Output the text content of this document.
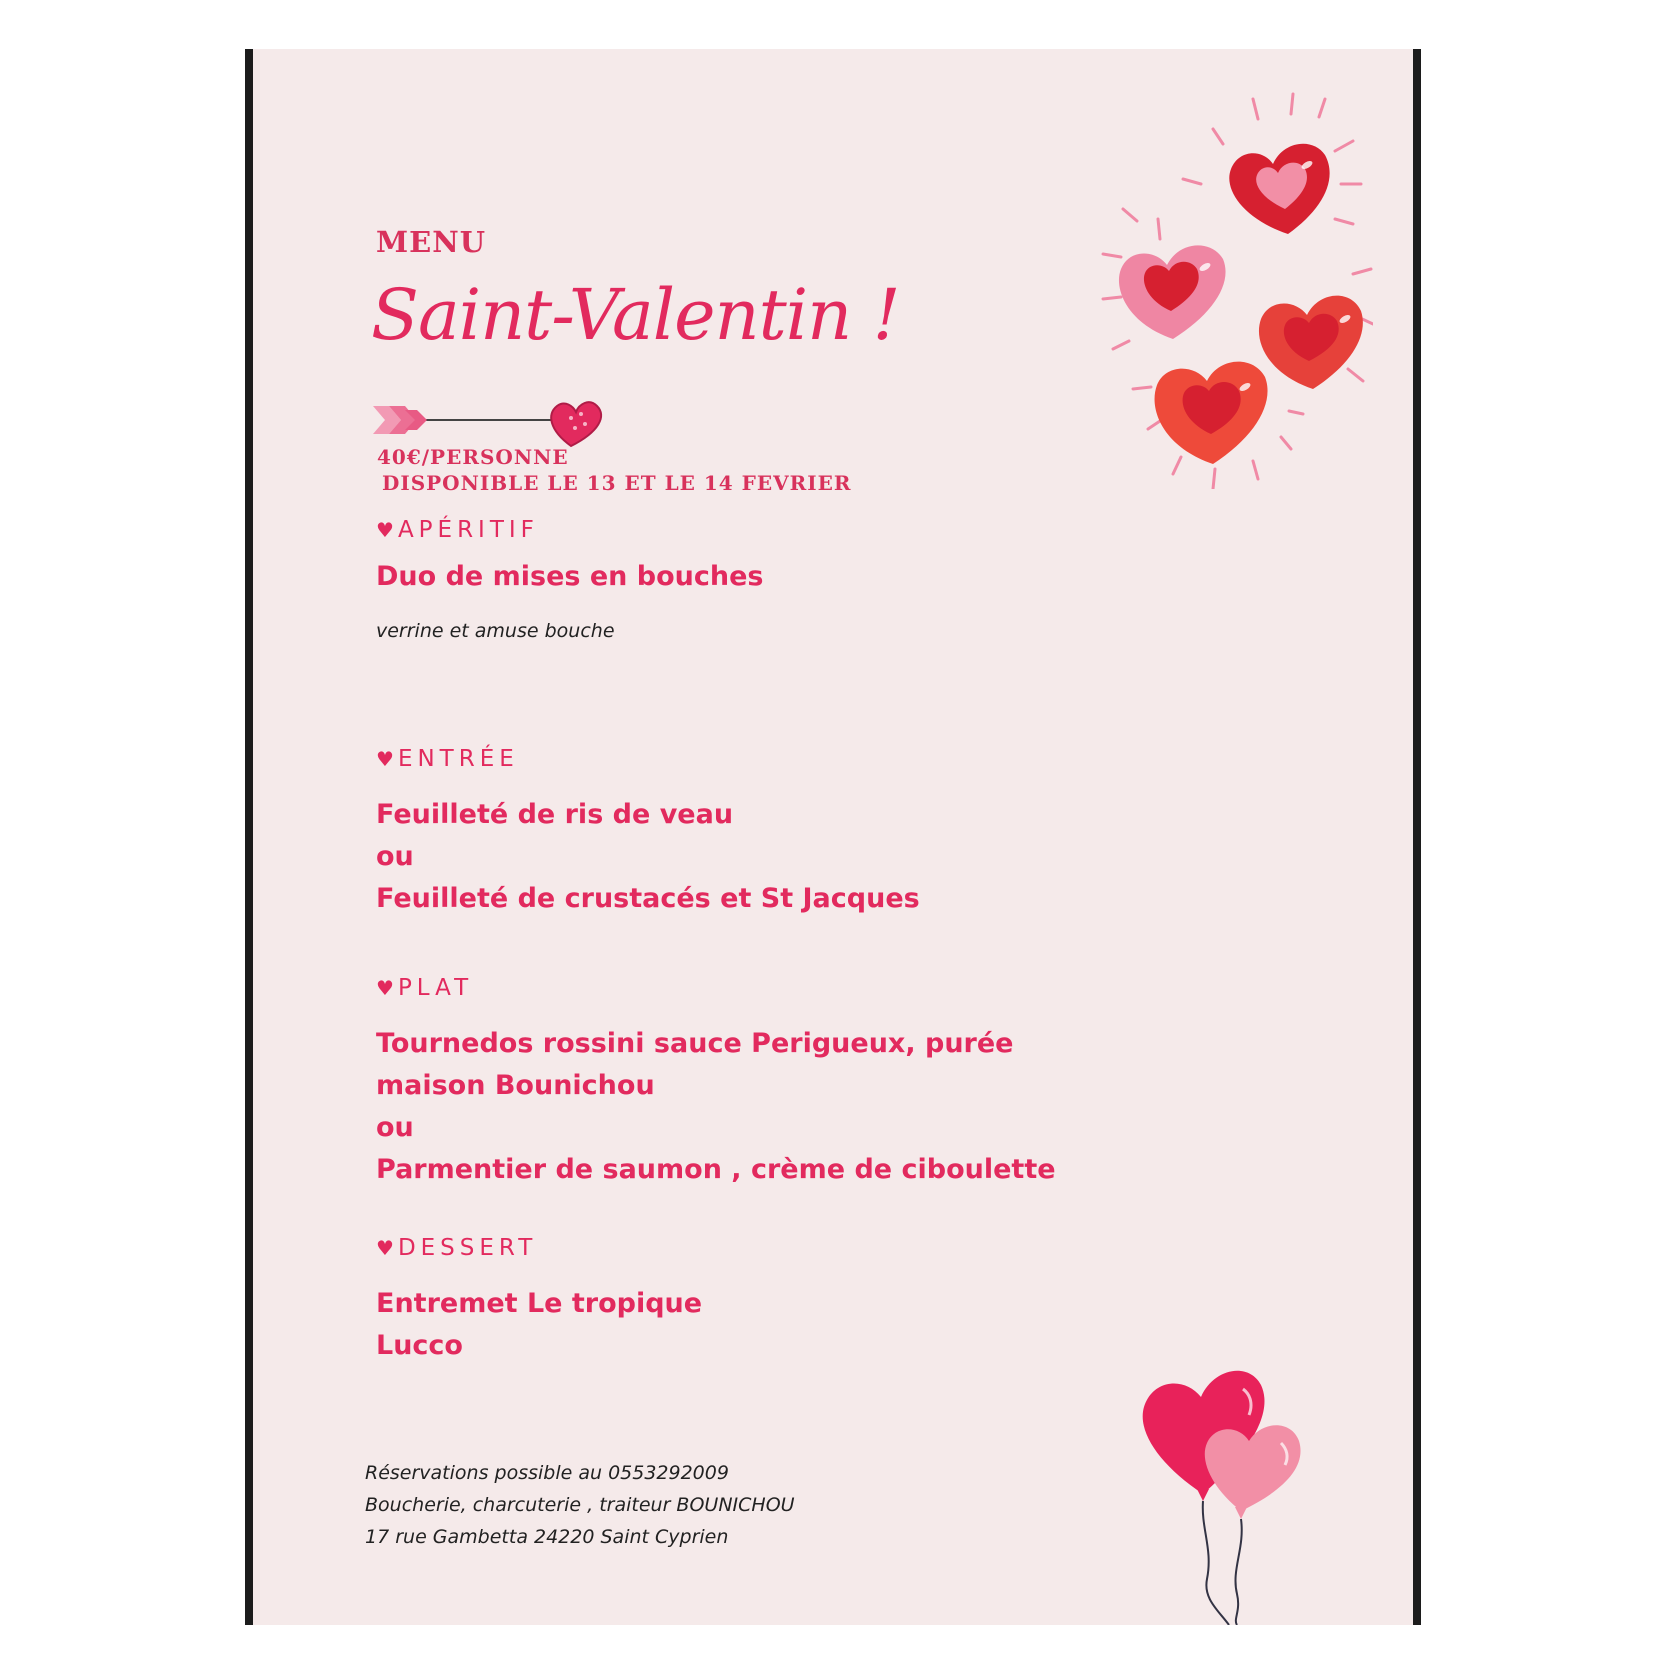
MENU
Saint-Valentin !
40€/PERSONNE
DISPONIBLE LE 13 ET LE 14 FEVRIER
♥ APÉRITIF
Duo de mises en bouches
verrine et amuse bouche
♥ ENTRÉE
Feuilleté de ris de veau
ou
Feuilleté de crustacés et St Jacques
♥ PLAT
Tournedos rossini sauce Perigueux, purée
maison Bounichou
ou
Parmentier de saumon , crème de ciboulette
♥ DESSERT
Entremet Le tropique
Lucco
Réservations possible au 0553292009
Boucherie, charcuterie , traiteur BOUNICHOU
17 rue Gambetta 24220 Saint Cyprien
